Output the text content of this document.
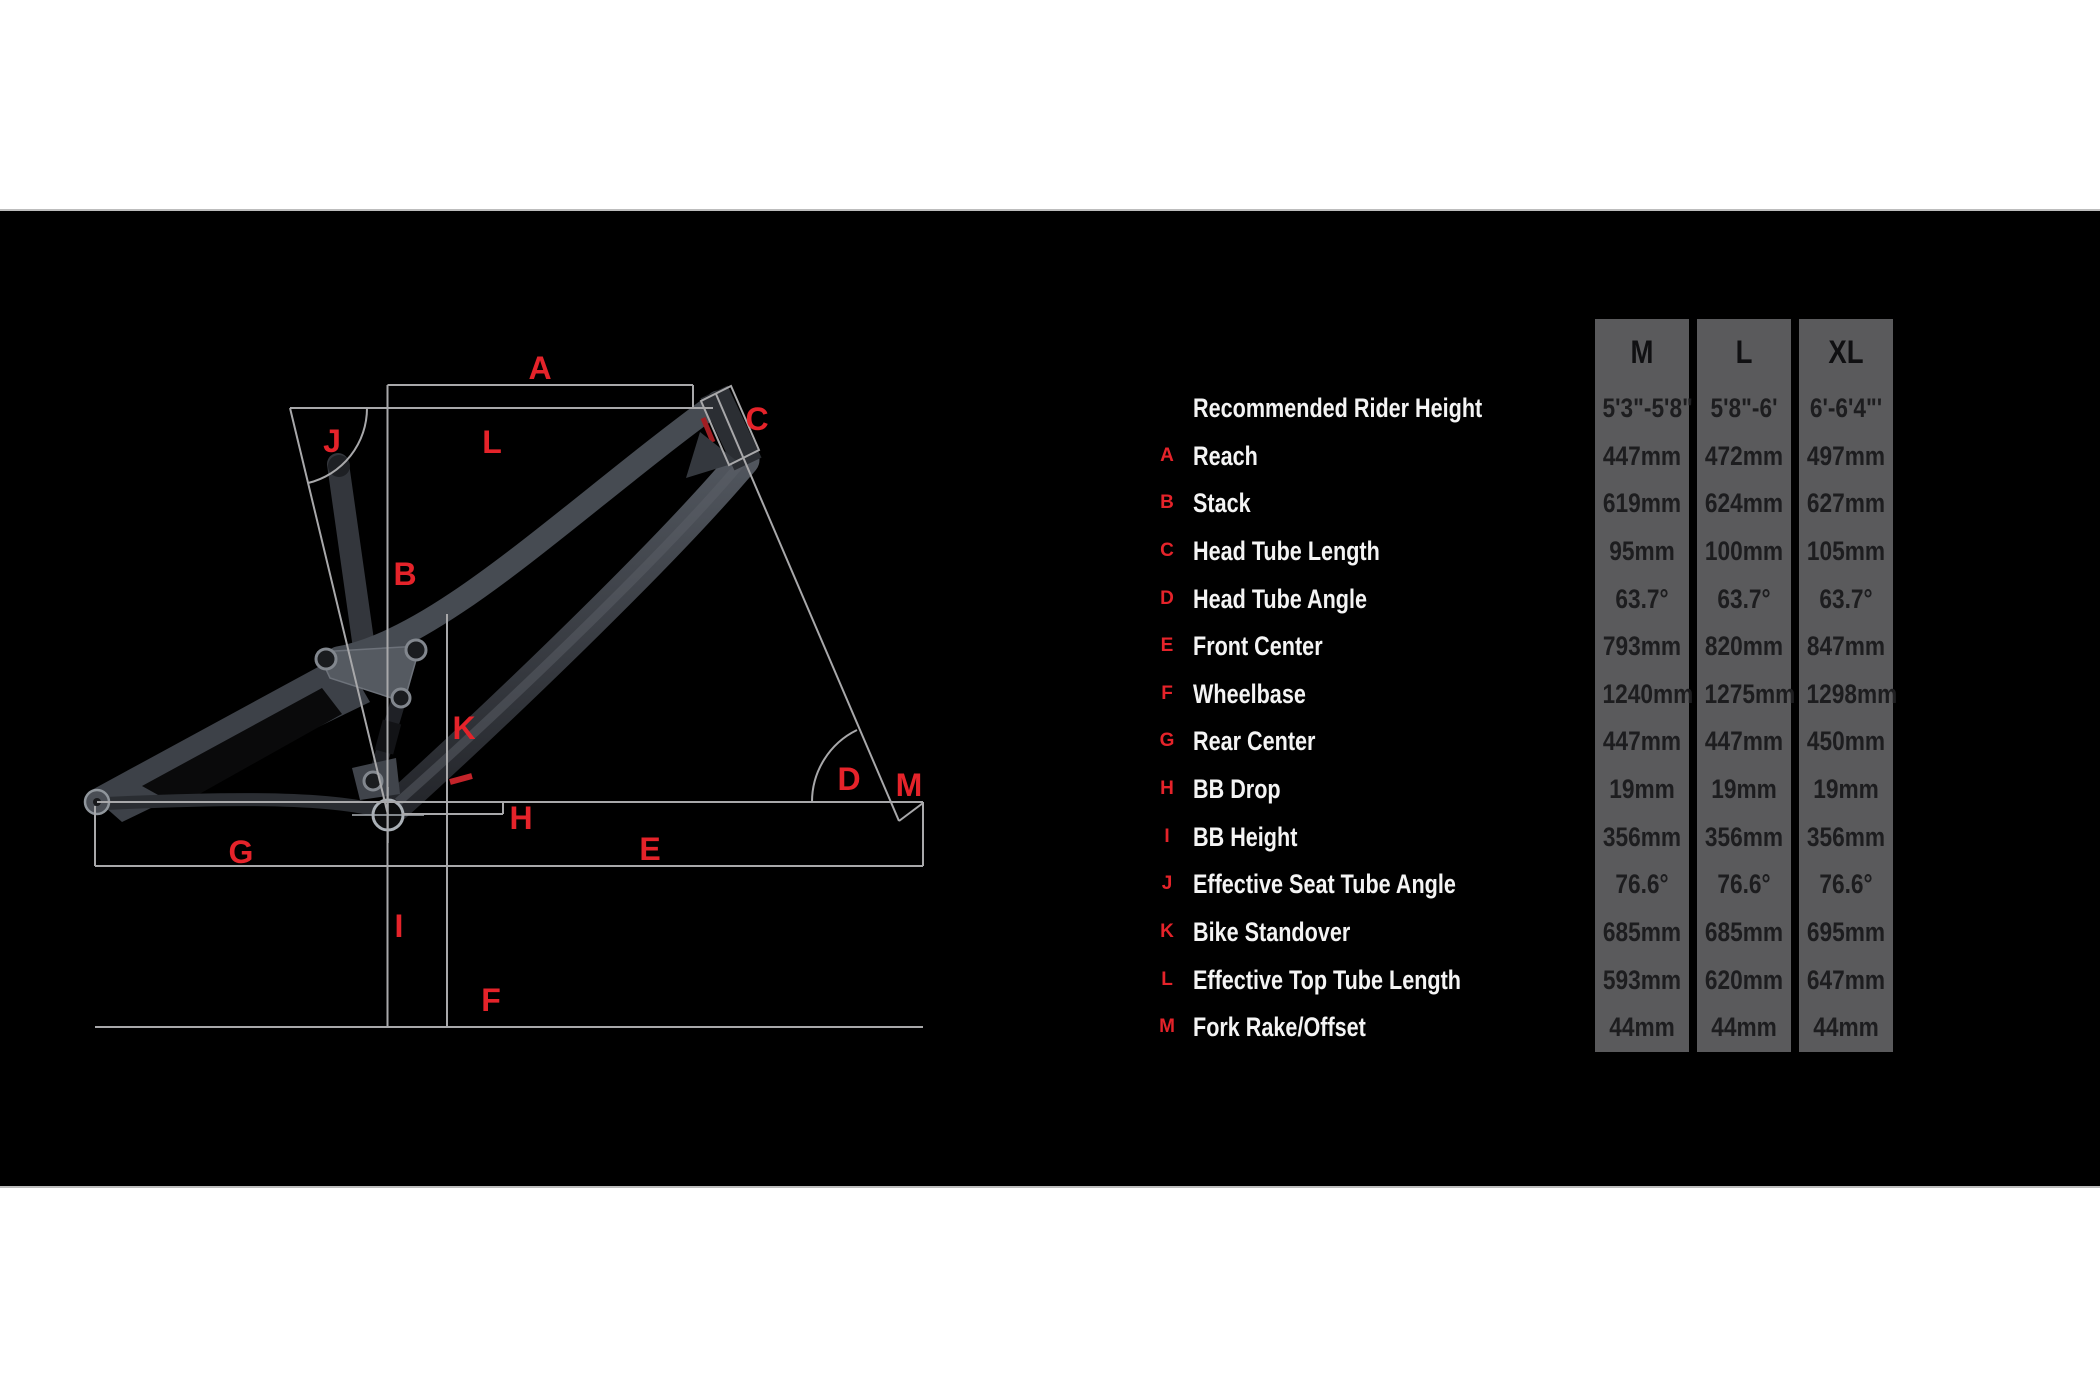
A
B
C
D
E
F
G
H
I
J
K
L
M
M	L	XL
Recommended Rider Height	5'3"-5'8" 5'8"-6' 6'-6'4"'
A Reach	447mm 472mm 497mm
B Stack	619mm 624mm 627mm
C Head Tube Length	95mm 100mm 105mm
D Head Tube Angle	63.7°	63.7°	63.7°
E Front Center	793mm 820mm 847mm
F Wheelbase	1240mm 1275mm 1298mm
G Rear Center	447mm 447mm 450mm
H BB Drop	19mm 19mm 19mm
I BB Height	356mm 356mm 356mm
J Effective Seat Tube Angle	76.6°	76.6°	76.6°
K Bike Standover	685mm 685mm 695mm
L Effective Top Tube Length	593mm 620mm 647mm
M Fork Rake/Offset	44mm 44mm 44mm
